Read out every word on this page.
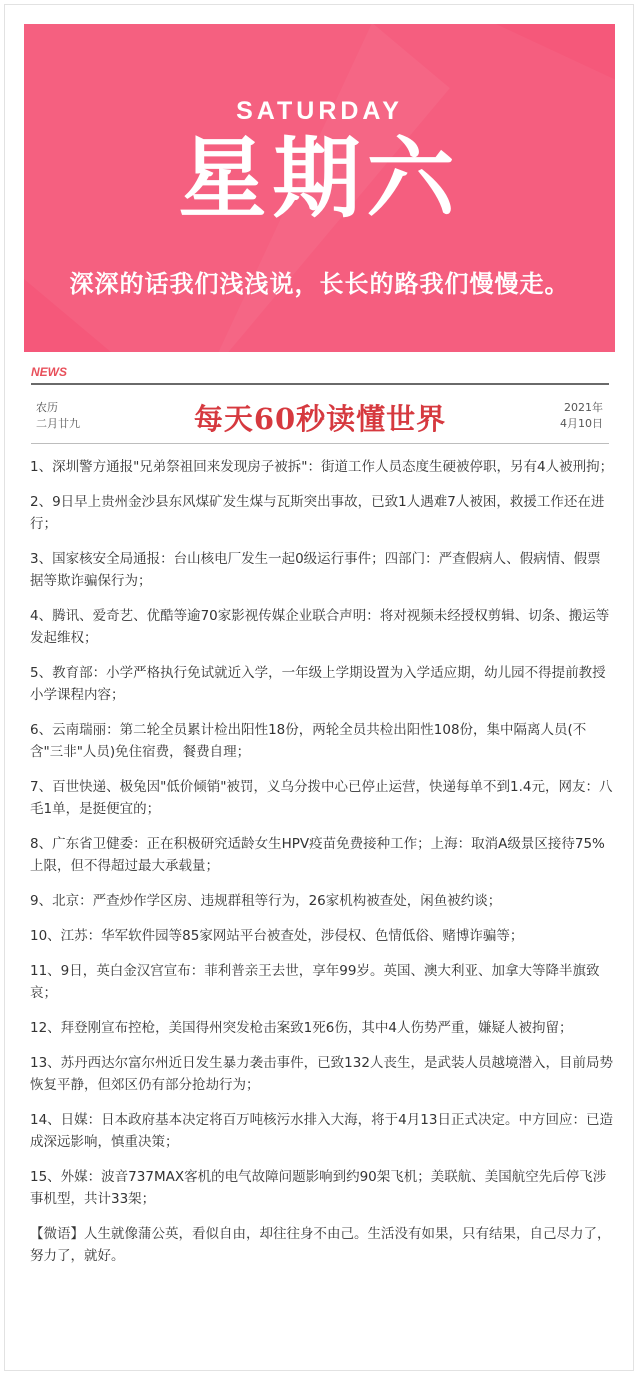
SATURDAY
星期六
深深的话我们浅浅说，长长的路我们慢慢走。
NEWS
农历
二月廿九	每天60秒读懂世界	2021年
4月10日
1、深圳警方通报"兄弟祭祖回来发现房子被拆"：街道工作人员态度生硬被停职，另有4人被刑拘；
2、9日早上贵州金沙县东风煤矿发生煤与瓦斯突出事故，已致1人遇难7人被困，救援工作还在进行；
3、国家核安全局通报：台山核电厂发生一起0级运行事件；四部门：严查假病人、假病情、假票据等欺诈骗保行为；
4、腾讯、爱奇艺、优酷等逾70家影视传媒企业联合声明：将对视频未经授权剪辑、切条、搬运等发起维权；
5、教育部：小学严格执行免试就近入学，一年级上学期设置为入学适应期，幼儿园不得提前教授小学课程内容；
6、云南瑞丽：第二轮全员累计检出阳性18份，两轮全员共检出阳性108份，集中隔离人员(不含"三非"人员)免住宿费，餐费自理；
7、百世快递、极兔因"低价倾销"被罚，义乌分拨中心已停止运营，快递每单不到1.4元，网友：八毛1单，是挺便宜的；
8、广东省卫健委：正在积极研究适龄女生HPV疫苗免费接种工作；上海：取消A级景区接待75%上限，但不得超过最大承载量；
9、北京：严查炒作学区房、违规群租等行为，26家机构被查处，闲鱼被约谈；
10、江苏：华军软件园等85家网站平台被查处，涉侵权、色情低俗、赌博诈骗等；
11、9日，英白金汉宫宣布：菲利普亲王去世，享年99岁。英国、澳大利亚、加拿大等降半旗致哀；
12、拜登刚宣布控枪，美国得州突发枪击案致1死6伤，其中4人伤势严重，嫌疑人被拘留；
13、苏丹西达尔富尔州近日发生暴力袭击事件，已致132人丧生，是武装人员越境潜入，目前局势恢复平静，但郊区仍有部分抢劫行为；
14、日媒：日本政府基本决定将百万吨核污水排入大海，将于4月13日正式决定。中方回应：已造成深远影响，慎重决策；
15、外媒：波音737MAX客机的电气故障问题影响到约90架飞机；美联航、美国航空先后停飞涉事机型，共计33架；
【微语】人生就像蒲公英，看似自由，却往往身不由己。生活没有如果，只有结果，自己尽力了，努力了，就好。
